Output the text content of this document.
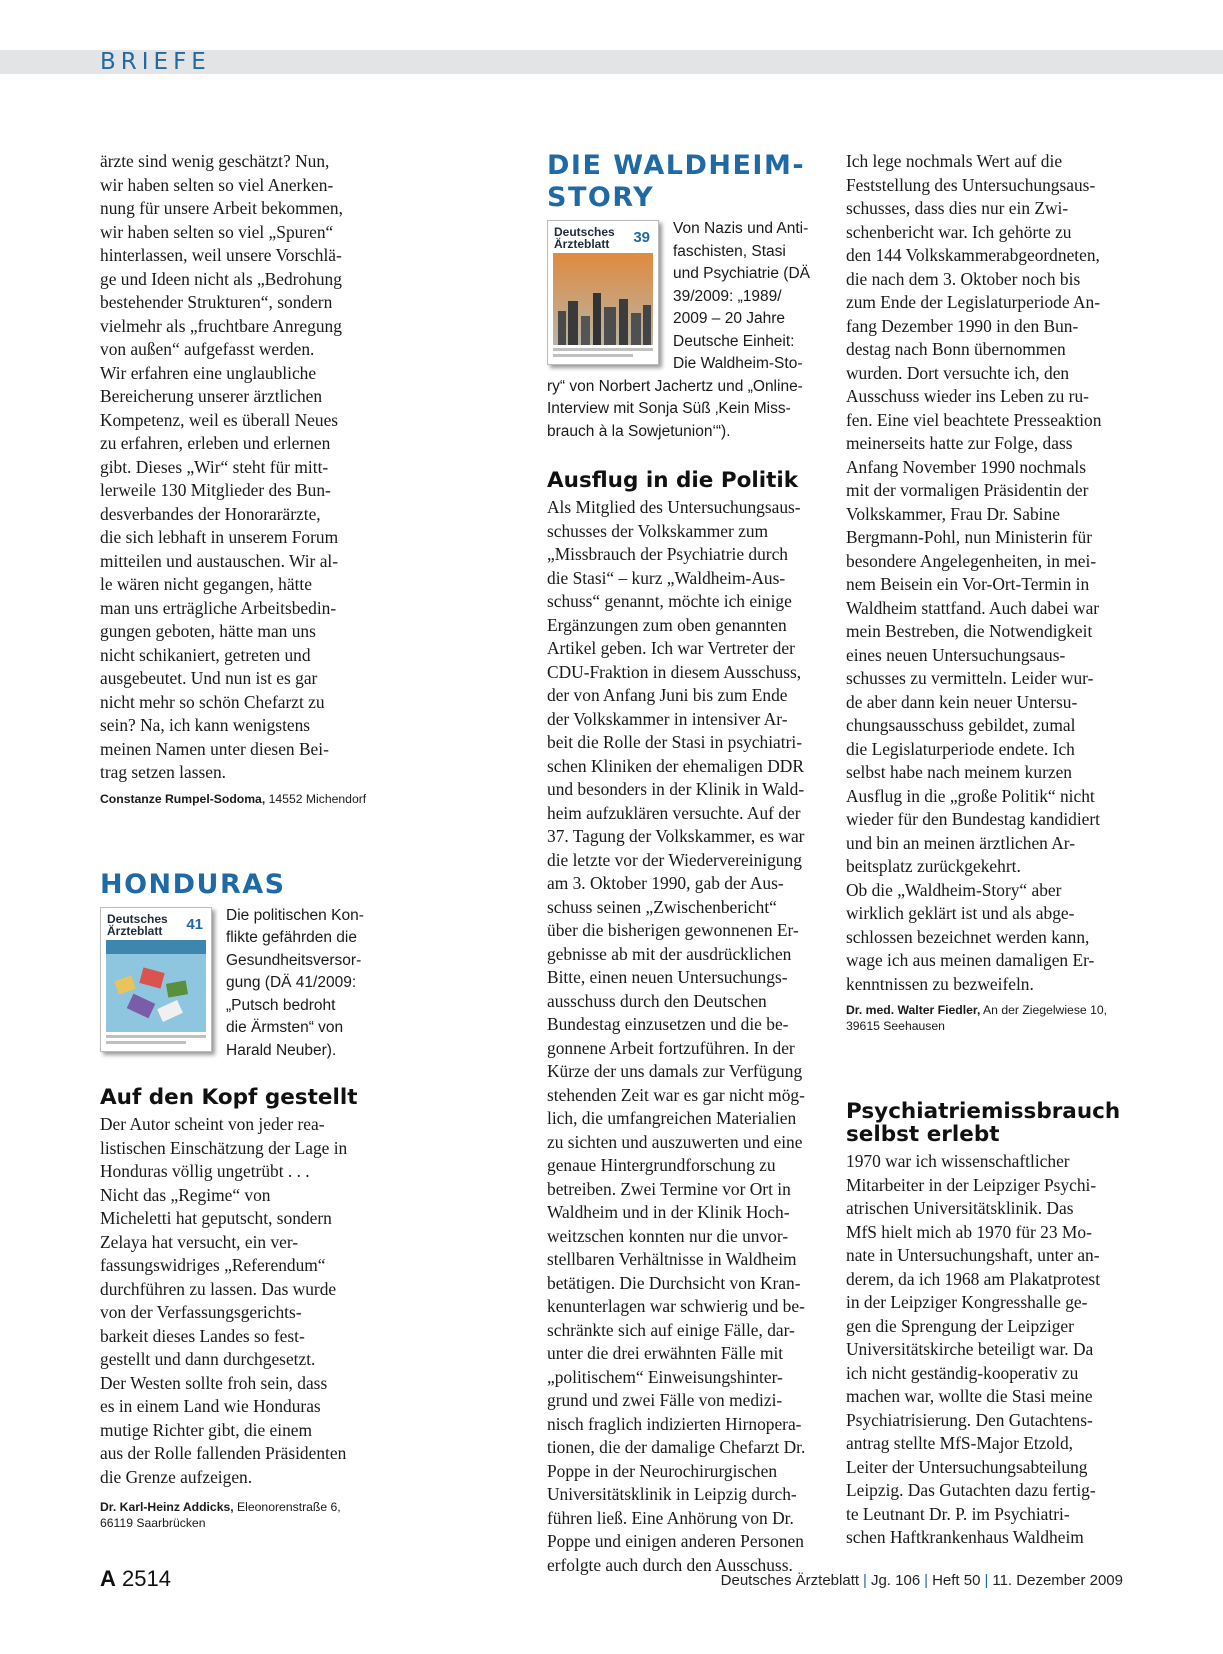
BRIEFE

ärzte sind wenig geschätzt? Nun,
wir haben selten so viel Anerken-
nung für unsere Arbeit bekommen,
wir haben selten so viel „Spuren“
hinterlassen, weil unsere Vorschlä-
ge und Ideen nicht als „Bedrohung
bestehender Strukturen“, sondern
vielmehr als „fruchtbare Anregung
von außen“ aufgefasst werden.
Wir erfahren eine unglaubliche
Bereicherung unserer ärztlichen
Kompetenz, weil es überall Neues
zu erfahren, erleben und erlernen
gibt. Dieses „Wir“ steht für mitt-
lerweile 130 Mitglieder des Bun-
desverbandes der Honorarärzte,
die sich lebhaft in unserem Forum
mitteilen und austauschen. Wir al-
le wären nicht gegangen, hätte
man uns erträgliche Arbeitsbedin-
gungen geboten, hätte man uns
nicht schikaniert, getreten und
ausgebeutet. Und nun ist es gar
nicht mehr so schön Chefarzt zu
sein? Na, ich kann wenigstens
meinen Namen unter diesen Bei-
trag setzen lassen.

Constanze Rumpel-Sodoma, 14552 Michendorf

HONDURAS
Deutsches
Ärzteblatt	41

Die politischen Kon-
flikte gefährden die
Gesundheitsversor-
gung (DÄ 41/2009:
„Putsch bedroht
die Ärmsten“ von
Harald Neuber).

Auf den Kopf gestellt

Der Autor scheint von jeder rea-
listischen Einschätzung der Lage in
Honduras völlig ungetrübt . . .
Nicht das „Regime“ von
Micheletti hat geputscht, sondern
Zelaya hat versucht, ein ver-
fassungswidriges „Referendum“
durchführen zu lassen. Das wurde
von der Verfassungsgerichts-
barkeit dieses Landes so fest-
gestellt und dann durchgesetzt.
Der Westen sollte froh sein, dass
es in einem Land wie Honduras
mutige Richter gibt, die einem
aus der Rolle fallenden Präsidenten
die Grenze aufzeigen.

Dr. Karl-Heinz Addicks, Eleonorenstraße 6,
66119 Saarbrücken

DIE WALDHEIM-STORY
Deutsches
Ärzteblatt	39

Von Nazis und Anti-
faschisten, Stasi
und Psychiatrie (DÄ
39/2009: „1989/
2009 – 20 Jahre
Deutsche Einheit:
Die Waldheim-Sto-
ry“ von Norbert Jachertz und „Online-
Interview mit Sonja Süß ‚Kein Miss-
brauch à la Sowjetunion‘“).

Ausflug in die Politik

Als Mitglied des Untersuchungsaus-
schusses der Volkskammer zum
„Missbrauch der Psychiatrie durch
die Stasi“ – kurz „Waldheim-Aus-
schuss“ genannt, möchte ich einige
Ergänzungen zum oben genannten
Artikel geben. Ich war Vertreter der
CDU-Fraktion in diesem Ausschuss,
der von Anfang Juni bis zum Ende
der Volkskammer in intensiver Ar-
beit die Rolle der Stasi in psychiatri-
schen Kliniken der ehemaligen DDR
und besonders in der Klinik in Wald-
heim aufzuklären versuchte. Auf der
37. Tagung der Volkskammer, es war
die letzte vor der Wiedervereinigung
am 3. Oktober 1990, gab der Aus-
schuss seinen „Zwischenbericht“
über die bisherigen gewonnenen Er-
gebnisse ab mit der ausdrücklichen
Bitte, einen neuen Untersuchungs-
ausschuss durch den Deutschen
Bundestag einzusetzen und die be-
gonnene Arbeit fortzuführen. In der
Kürze der uns damals zur Verfügung
stehenden Zeit war es gar nicht mög-
lich, die umfangreichen Materialien
zu sichten und auszuwerten und eine
genaue Hintergrundforschung zu
betreiben. Zwei Termine vor Ort in
Waldheim und in der Klinik Hoch-
weitzschen konnten nur die unvor-
stellbaren Verhältnisse in Waldheim
betätigen. Die Durchsicht von Kran-
kenunterlagen war schwierig und be-
schränkte sich auf einige Fälle, dar-
unter die drei erwähnten Fälle mit
„politischem“ Einweisungshinter-
grund und zwei Fälle von medizi-
nisch fraglich indizierten Hirnopera-
tionen, die der damalige Chefarzt Dr.
Poppe in der Neurochirurgischen
Universitätsklinik in Leipzig durch-
führen ließ. Eine Anhörung von Dr.
Poppe und einigen anderen Personen
erfolgte auch durch den Ausschuss.

Ich lege nochmals Wert auf die
Feststellung des Untersuchungsaus-
schusses, dass dies nur ein Zwi-
schenbericht war. Ich gehörte zu
den 144 Volkskammerabgeordneten,
die nach dem 3. Oktober noch bis
zum Ende der Legislaturperiode An-
fang Dezember 1990 in den Bun-
destag nach Bonn übernommen
wurden. Dort versuchte ich, den
Ausschuss wieder ins Leben zu ru-
fen. Eine viel beachtete Presseaktion
meinerseits hatte zur Folge, dass
Anfang November 1990 nochmals
mit der vormaligen Präsidentin der
Volkskammer, Frau Dr. Sabine
Bergmann-Pohl, nun Ministerin für
besondere Angelegenheiten, in mei-
nem Beisein ein Vor-Ort-Termin in
Waldheim stattfand. Auch dabei war
mein Bestreben, die Notwendigkeit
eines neuen Untersuchungsaus-
schusses zu vermitteln. Leider wur-
de aber dann kein neuer Untersu-
chungsausschuss gebildet, zumal
die Legislaturperiode endete. Ich
selbst habe nach meinem kurzen
Ausflug in die „große Politik“ nicht
wieder für den Bundestag kandidiert
und bin an meinen ärztlichen Ar-
beitsplatz zurückgekehrt.
Ob die „Waldheim-Story“ aber
wirklich geklärt ist und als abge-
schlossen bezeichnet werden kann,
wage ich aus meinen damaligen Er-
kenntnissen zu bezweifeln.

Dr. med. Walter Fiedler, An der Ziegelwiese 10,
39615 Seehausen

Psychiatriemissbrauch
selbst erlebt

1970 war ich wissenschaftlicher
Mitarbeiter in der Leipziger Psychi-
atrischen Universitätsklinik. Das
MfS hielt mich ab 1970 für 23 Mo-
nate in Untersuchungshaft, unter an-
derem, da ich 1968 am Plakatprotest
in der Leipziger Kongresshalle ge-
gen die Sprengung der Leipziger
Universitätskirche beteiligt war. Da
ich nicht geständig-kooperativ zu
machen war, wollte die Stasi meine
Psychiatrisierung. Den Gutachtens-
antrag stellte MfS-Major Etzold,
Leiter der Untersuchungsabteilung
Leipzig. Das Gutachten dazu fertig-
te Leutnant Dr. P. im Psychiatri-
schen Haftkrankenhaus Waldheim

A 2514	Deutsches Ärzteblatt | Jg. 106 | Heft 50 | 11. Dezember 2009
